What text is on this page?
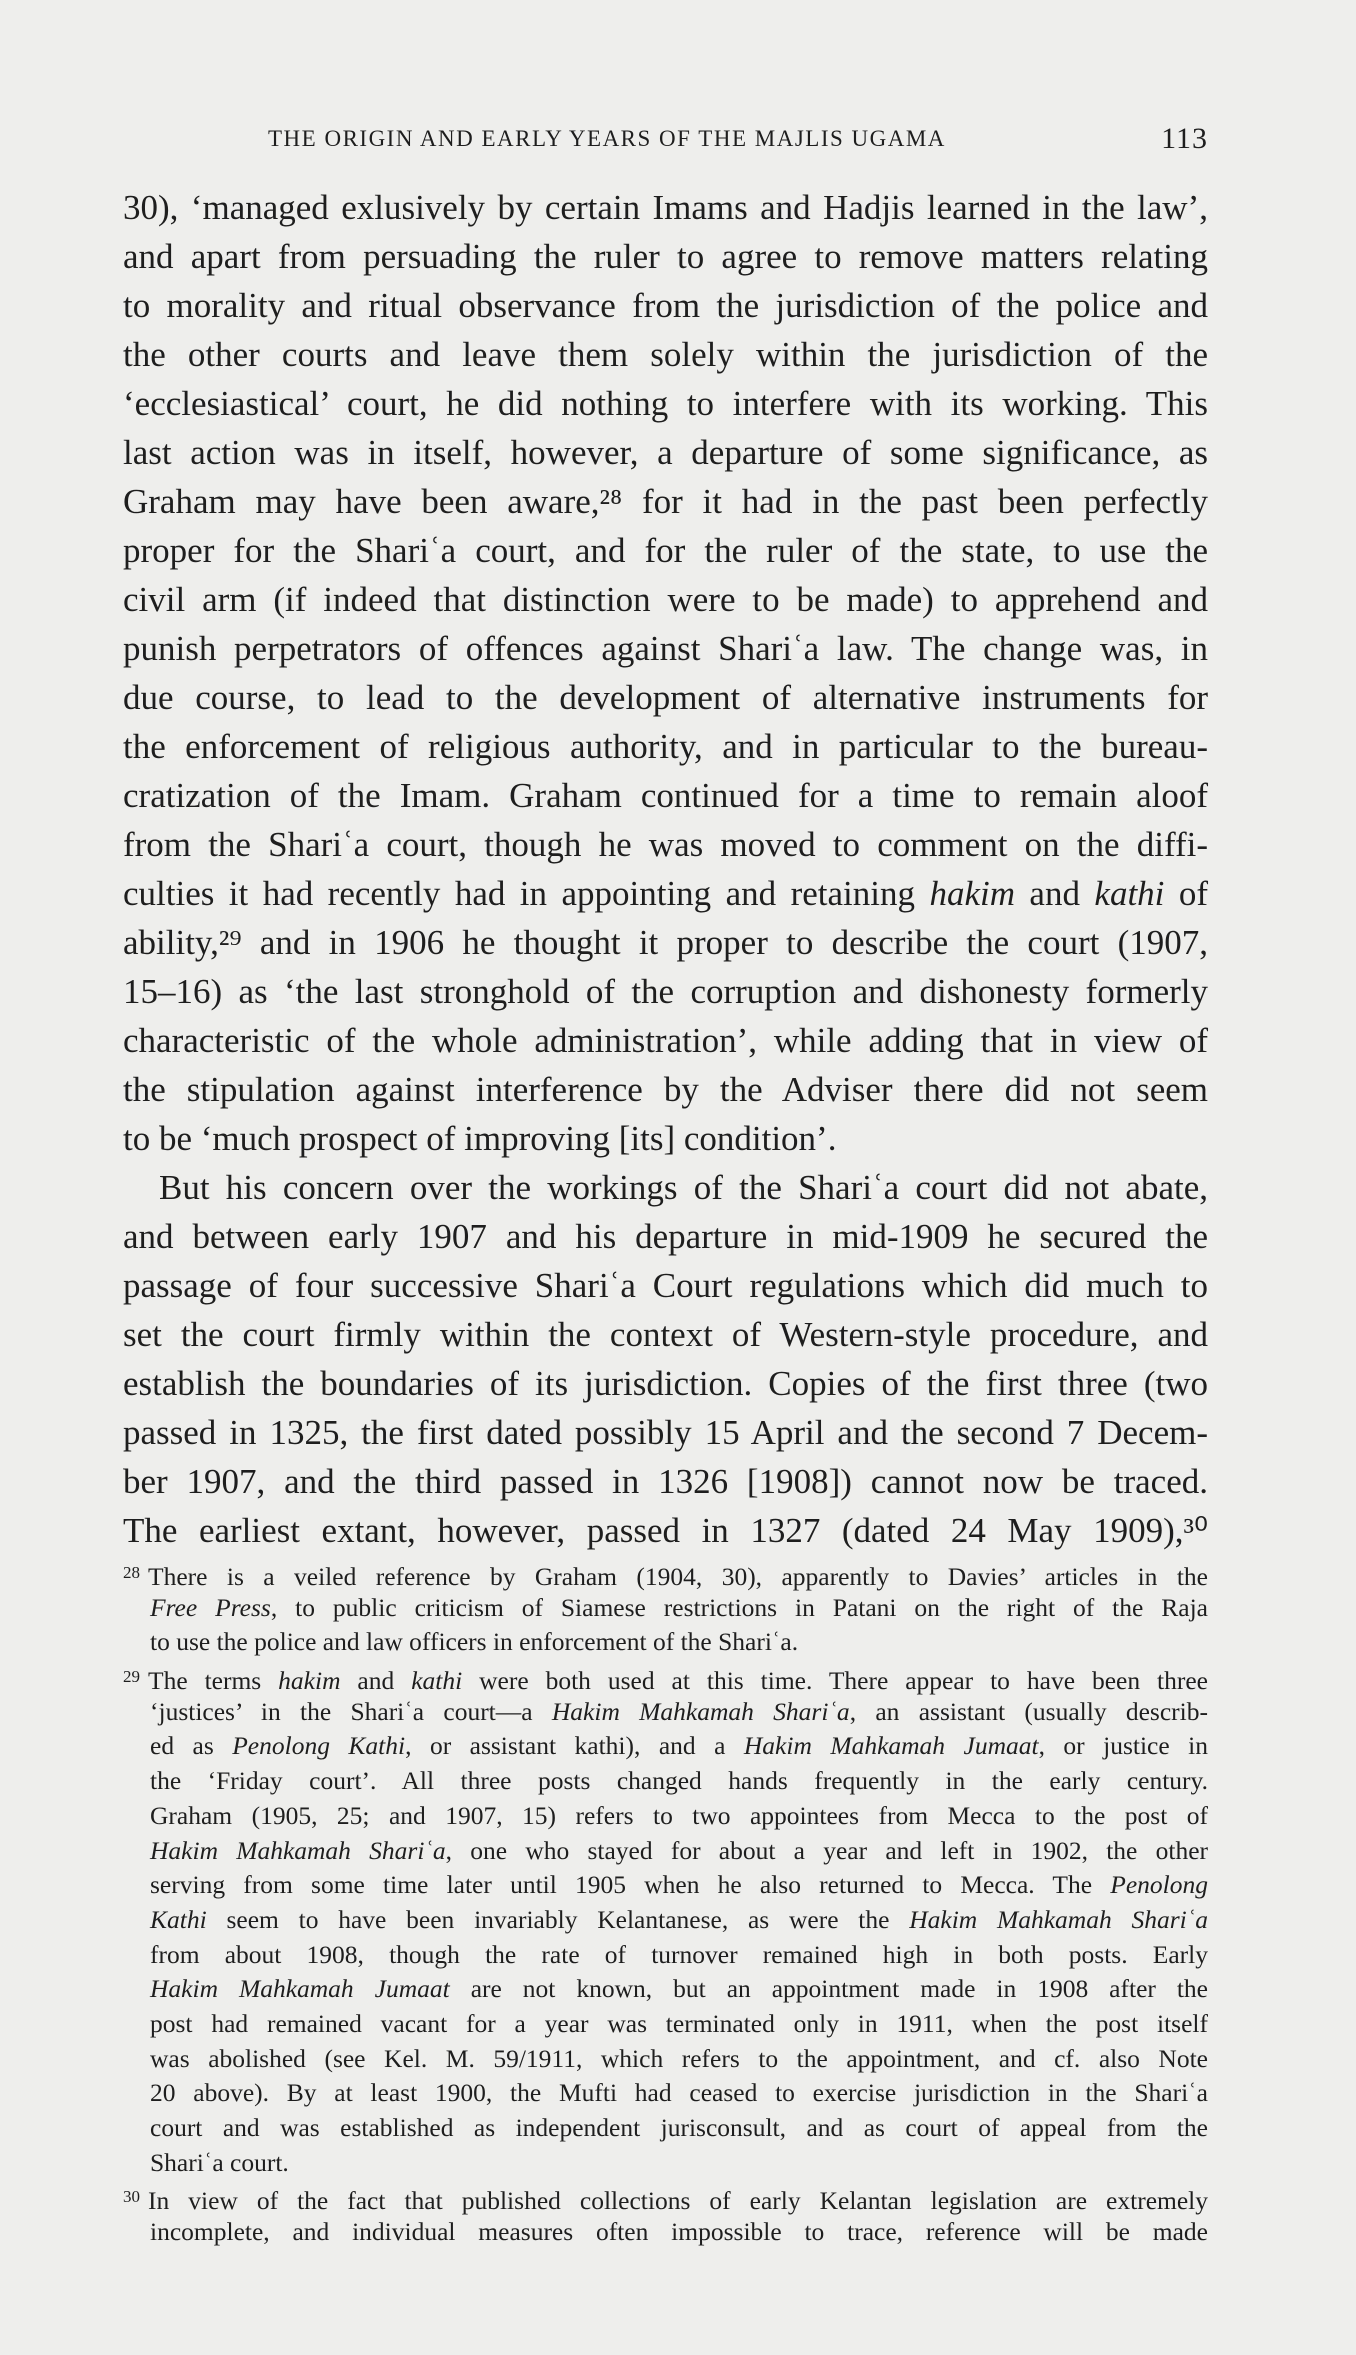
THE ORIGIN AND EARLY YEARS OF THE MAJLIS UGAMA	113
30), ‘managed exlusively by certain Imams and Hadjis learned in the law’,
and apart from persuading the ruler to agree to remove matters relating
to morality and ritual observance from the jurisdiction of the police and
the other courts and leave them solely within the jurisdiction of the
‘ecclesiastical’ court, he did nothing to interfere with its working. This
last action was in itself, however, a departure of some significance, as
Graham may have been aware,²⁸ for it had in the past been perfectly
proper for the Shariʿa court, and for the ruler of the state, to use the
civil arm (if indeed that distinction were to be made) to apprehend and
punish perpetrators of offences against Shariʿa law. The change was, in
due course, to lead to the development of alternative instruments for
the enforcement of religious authority, and in particular to the bureau-
cratization of the Imam. Graham continued for a time to remain aloof
from the Shariʿa court, though he was moved to comment on the diffi-
culties it had recently had in appointing and retaining hakim and kathi of
ability,²⁹ and in 1906 he thought it proper to describe the court (1907,
15–16) as ‘the last stronghold of the corruption and dishonesty formerly
characteristic of the whole administration’, while adding that in view of
the stipulation against interference by the Adviser there did not seem
to be ‘much prospect of improving [its] condition’.
But his concern over the workings of the Shariʿa court did not abate,
and between early 1907 and his departure in mid-1909 he secured the
passage of four successive Shariʿa Court regulations which did much to
set the court firmly within the context of Western-style procedure, and
establish the boundaries of its jurisdiction. Copies of the first three (two
passed in 1325, the first dated possibly 15 April and the second 7 Decem-
ber 1907, and the third passed in 1326 [1908]) cannot now be traced.
The earliest extant, however, passed in 1327 (dated 24 May 1909),³⁰
$^{28}$ There is a veiled reference by Graham (1904, 30), apparently to Davies’ articles in the
Free Press, to public criticism of Siamese restrictions in Patani on the right of the Raja
to use the police and law officers in enforcement of the Shariʿa.
$^{29}$ The terms hakim and kathi were both used at this time. There appear to have been three
‘justices’ in the Shariʿa court—a Hakim Mahkamah Shariʿa, an assistant (usually describ-
ed as Penolong Kathi, or assistant kathi), and a Hakim Mahkamah Jumaat, or justice in
the ‘Friday court’. All three posts changed hands frequently in the early century.
Graham (1905, 25; and 1907, 15) refers to two appointees from Mecca to the post of
Hakim Mahkamah Shariʿa, one who stayed for about a year and left in 1902, the other
serving from some time later until 1905 when he also returned to Mecca. The Penolong
Kathi seem to have been invariably Kelantanese, as were the Hakim Mahkamah Shariʿa
from about 1908, though the rate of turnover remained high in both posts. Early
Hakim Mahkamah Jumaat are not known, but an appointment made in 1908 after the
post had remained vacant for a year was terminated only in 1911, when the post itself
was abolished (see Kel. M. 59/1911, which refers to the appointment, and cf. also Note
20 above). By at least 1900, the Mufti had ceased to exercise jurisdiction in the Shariʿa
court and was established as independent jurisconsult, and as court of appeal from the
Shariʿa court.
$^{30}$ In view of the fact that published collections of early Kelantan legislation are extremely
incomplete, and individual measures often impossible to trace, reference will be made
